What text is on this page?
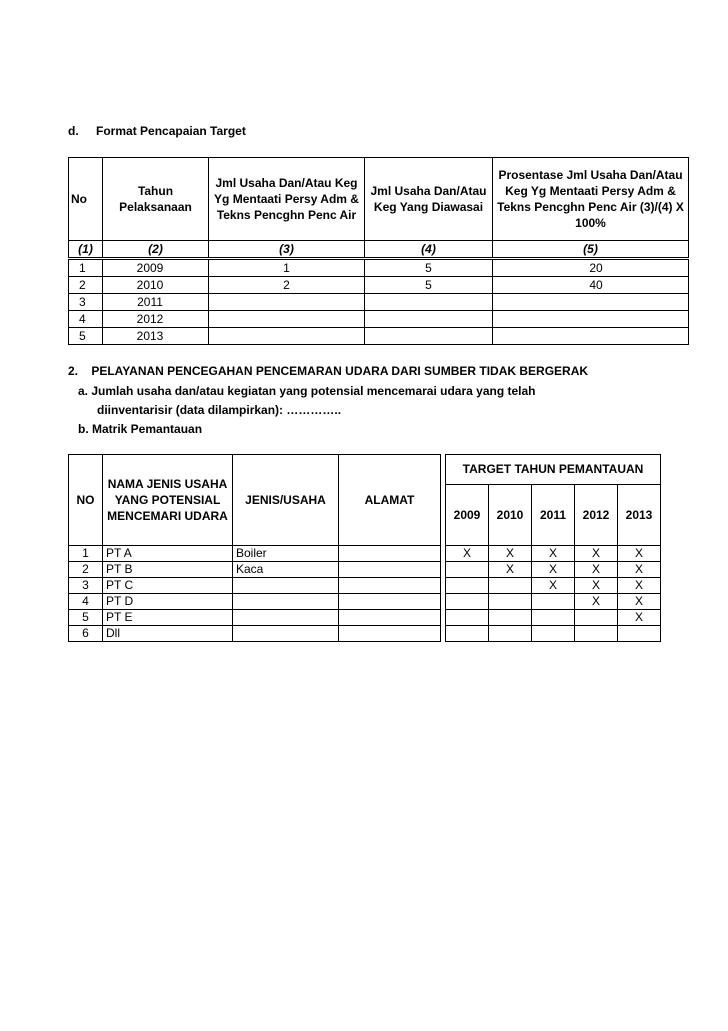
d. Format Pencapaian Target
No	Tahun Pelaksanaan	Jml Usaha Dan/Atau Keg Yg Mentaati Persy Adm & Tekns Pencghn Penc Air	Jml Usaha Dan/Atau Keg Yang Diawasai	Prosentase Jml Usaha Dan/Atau Keg Yg Mentaati Persy Adm & Tekns Pencghn Penc Air (3)/(4) X 100%
(1)	(2)	(3)	(4)	(5)
1	2009	1	5	20
2	2010	2	5	40
3	2011			
4	2012			
5	2013			
2.    PELAYANAN PENCEGAHAN PENCEMARAN UDARA DARI SUMBER TIDAK BERGERAK
a. Jumlah usaha dan/atau kegiatan yang potensial mencemarai udara yang telah
diinventarisir (data dilampirkan): …………..
b. Matrik Pemantauan
NO	NAMA JENIS USAHA YANG POTENSIAL MENCEMARI UDARA	JENIS/USAHA	ALAMAT		TARGET TAHUN PEMANTAUAN				
					2009	2010	2011	2012	2013
1	PT A	Boiler			X	X	X	X	X
2	PT B	Kaca				X	X	X	X
3	PT C						X	X	X
4	PT D							X	X
5	PT E								X
6	Dll								
